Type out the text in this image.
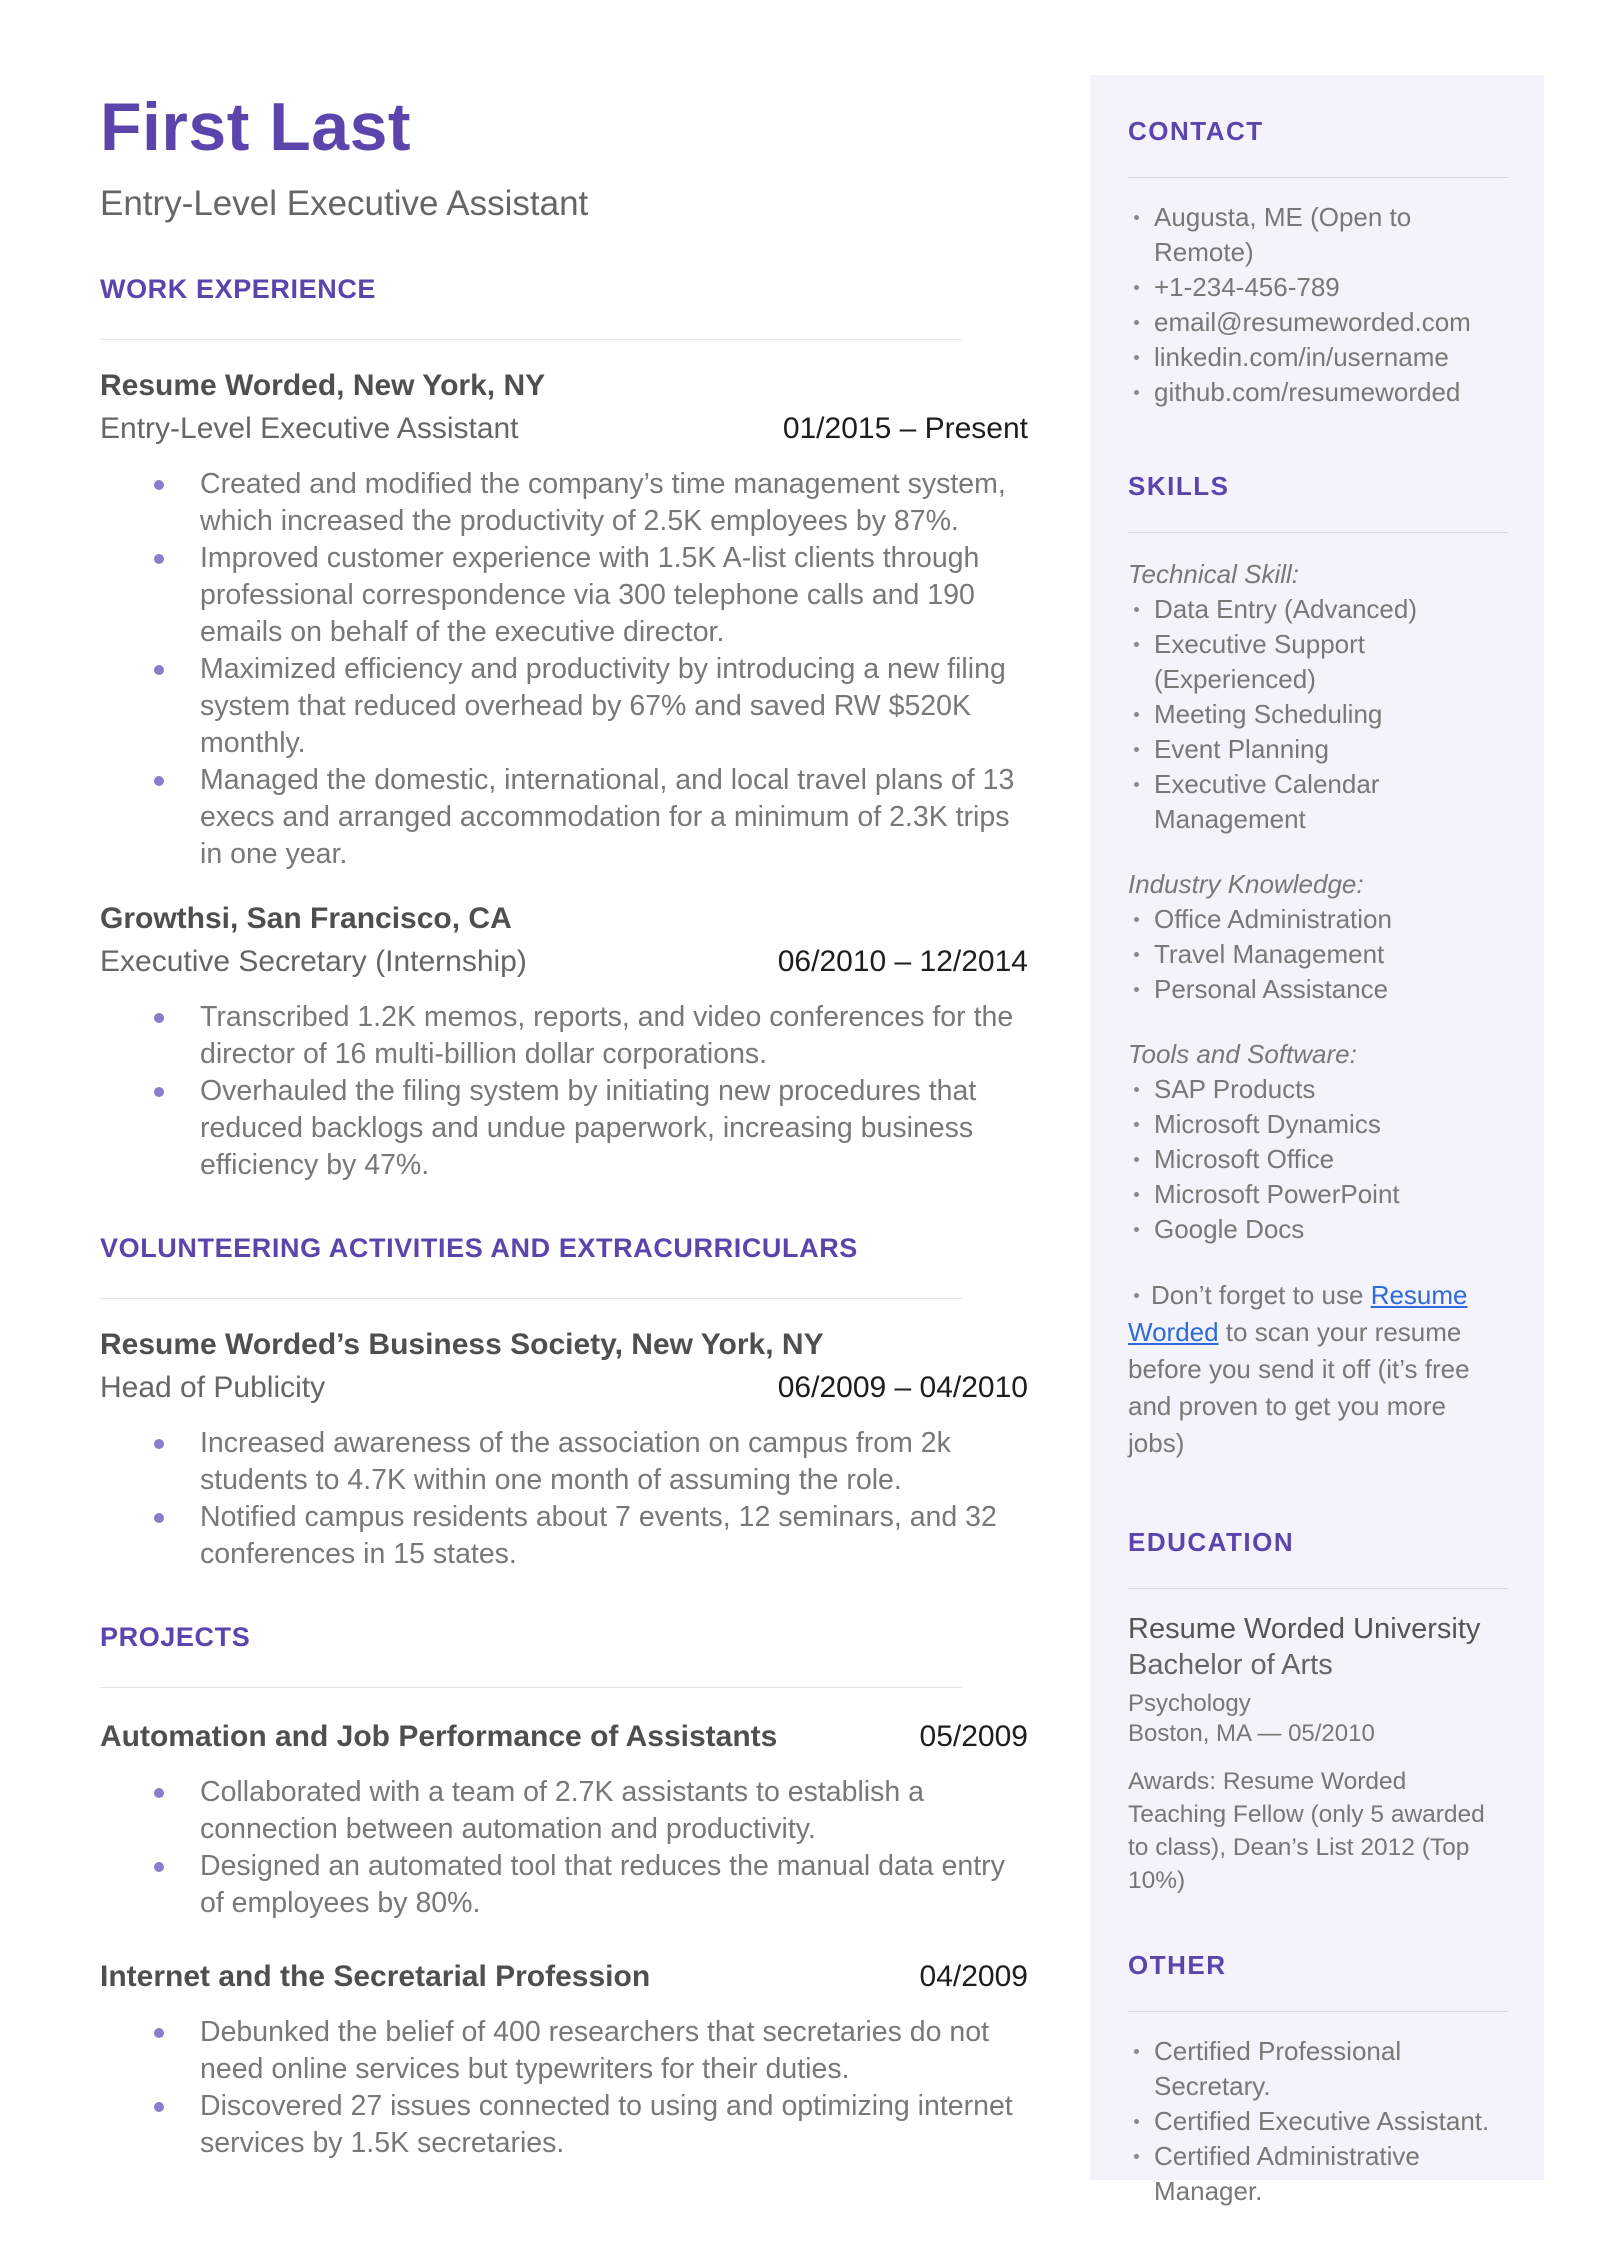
First Last
Entry-Level Executive Assistant
WORK EXPERIENCE
Resume Worded, New York, NY
Entry-Level Executive Assistant	01/2015 – Present
Created and modified the company’s time management system, which increased the productivity of 2.5K employees by 87%.
Improved customer experience with 1.5K A-list clients through professional correspondence via 300 telephone calls and 190 emails on behalf of the executive director.
Maximized efficiency and productivity by introducing a new filing system that reduced overhead by 67% and saved RW $520K monthly.
Managed the domestic, international, and local travel plans of 13 execs and arranged accommodation for a minimum of 2.3K trips in one year.
Growthsi, San Francisco, CA
Executive Secretary (Internship)	06/2010 – 12/2014
Transcribed 1.2K memos, reports, and video conferences for the director of 16 multi-billion dollar corporations.
Overhauled the filing system by initiating new procedures that reduced backlogs and undue paperwork, increasing business efficiency by 47%.
VOLUNTEERING ACTIVITIES AND EXTRACURRICULARS
Resume Worded’s Business Society, New York, NY
Head of Publicity	06/2009 – 04/2010
Increased awareness of the association on campus from 2k students to 4.7K within one month of assuming the role.
Notified campus residents about 7 events, 12 seminars, and 32 conferences in 15 states.
PROJECTS
Automation and Job Performance of Assistants	05/2009
Collaborated with a team of 2.7K assistants to establish a connection between automation and productivity.
Designed an automated tool that reduces the manual data entry of employees by 80%.
Internet and the Secretarial Profession	04/2009
Debunked the belief of 400 researchers that secretaries do not need online services but typewriters for their duties.
Discovered 27 issues connected to using and optimizing internet services by 1.5K secretaries.
CONTACT
Augusta, ME (Open to Remote)
+1-234-456-789
email@resumeworded.com
linkedin.com/in/username
github.com/resumeworded
SKILLS
Technical Skill:
Data Entry (Advanced)
Executive Support (Experienced)
Meeting Scheduling
Event Planning
Executive Calendar Management
Industry Knowledge:
Office Administration
Travel Management
Personal Assistance
Tools and Software:
SAP Products
Microsoft Dynamics
Microsoft Office
Microsoft PowerPoint
Google Docs

Don’t forget to use Resume Worded to scan your resume before you send it off (it’s free and proven to get you more jobs)

EDUCATION
Resume Worded University
Bachelor of Arts
Psychology
Boston, MA — 05/2010
Awards: Resume Worded Teaching Fellow (only 5 awarded to class), Dean’s List 2012 (Top 10%)
OTHER
Certified Professional Secretary.
Certified Executive Assistant.
Certified Administrative Manager.
